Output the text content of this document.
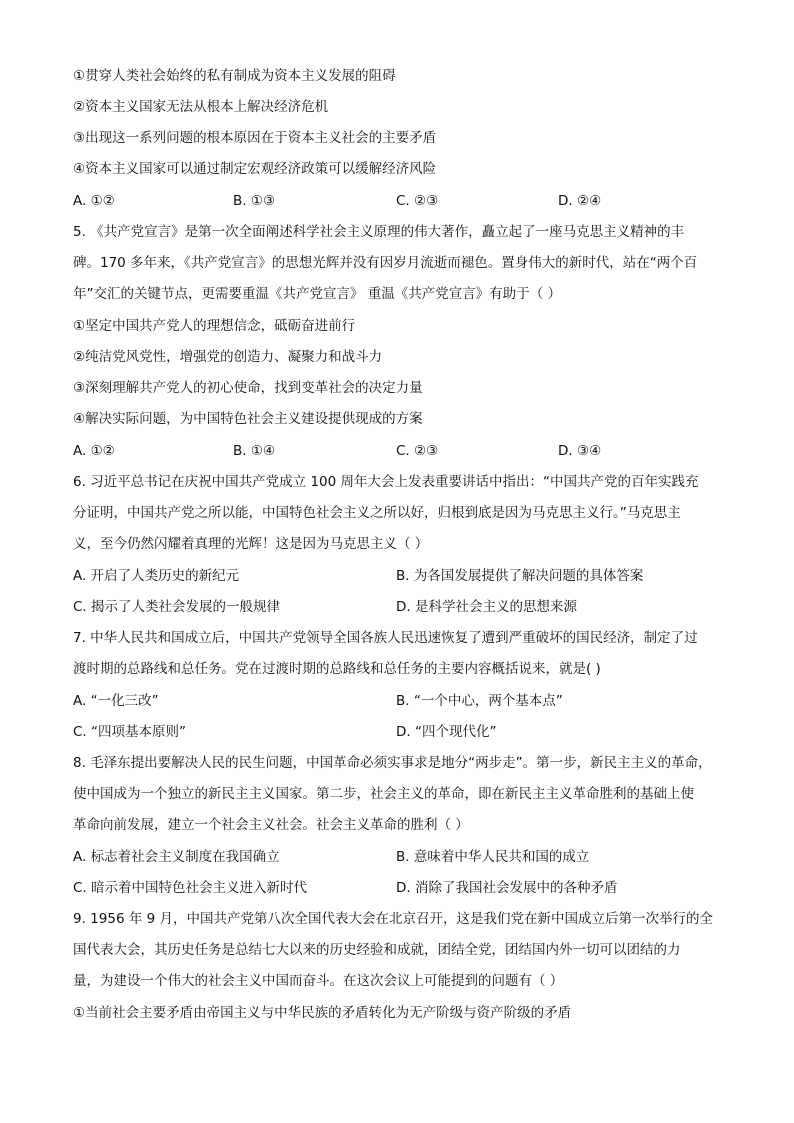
①贯穿人类社会始终的私有制成为资本主义发展的阻碍
②资本主义国家无法从根本上解决经济危机
③出现这一系列问题的根本原因在于资本主义社会的主要矛盾
④资本主义国家可以通过制定宏观经济政策可以缓解经济风险
A. ①②	B. ①③	C. ②③	D. ②④
5. 《共产党宣言》是第一次全面阐述科学社会主义原理的伟大著作，矗立起了一座马克思主义精神的丰
碑。170 多年来，《共产党宣言》的思想光辉并没有因岁月流逝而褪色。置身伟大的新时代，站在“两个百
年”交汇的关键节点，更需要重温《共产党宣言》 重温《共产党宣言》有助于（ ）
①坚定中国共产党人的理想信念，砥砺奋进前行
②纯洁党风党性，增强党的创造力、凝聚力和战斗力
③深刻理解共产党人的初心使命，找到变革社会的决定力量
④解决实际问题，为中国特色社会主义建设提供现成的方案
A. ①②	B. ①④	C. ②③	D. ③④
6. 习近平总书记在庆祝中国共产党成立 100 周年大会上发表重要讲话中指出：“中国共产党的百年实践充
分证明，中国共产党之所以能，中国特色社会主义之所以好，归根到底是因为马克思主义行。”马克思主
义，至今仍然闪耀着真理的光辉！这是因为马克思主义（ ）
A. 开启了人类历史的新纪元	B. 为各国发展提供了解决问题的具体答案
C. 揭示了人类社会发展的一般规律	D. 是科学社会主义的思想来源
7. 中华人民共和国成立后，中国共产党领导全国各族人民迅速恢复了遭到严重破坏的国民经济，制定了过
渡时期的总路线和总任务。党在过渡时期的总路线和总任务的主要内容概括说来，就是( )
A. “一化三改”	B. “一个中心，两个基本点”
C. “四项基本原则”	D. “四个现代化”
8. 毛泽东提出要解决人民的民生问题，中国革命必须实事求是地分“两步走”。第一步，新民主主义的革命，
使中国成为一个独立的新民主主义国家。第二步，社会主义的革命，即在新民主主义革命胜利的基础上使
革命向前发展，建立一个社会主义社会。社会主义革命的胜利（ ）
A. 标志着社会主义制度在我国确立	B. 意味着中华人民共和国的成立
C. 暗示着中国特色社会主义进入新时代	D. 消除了我国社会发展中的各种矛盾
9. 1956 年 9 月，中国共产党第八次全国代表大会在北京召开，这是我们党在新中国成立后第一次举行的全
国代表大会，其历史任务是总结七大以来的历史经验和成就，团结全党，团结国内外一切可以团结的力
量，为建设一个伟大的社会主义中国而奋斗。在这次会议上可能提到的问题有（ ）
①当前社会主要矛盾由帝国主义与中华民族的矛盾转化为无产阶级与资产阶级的矛盾
